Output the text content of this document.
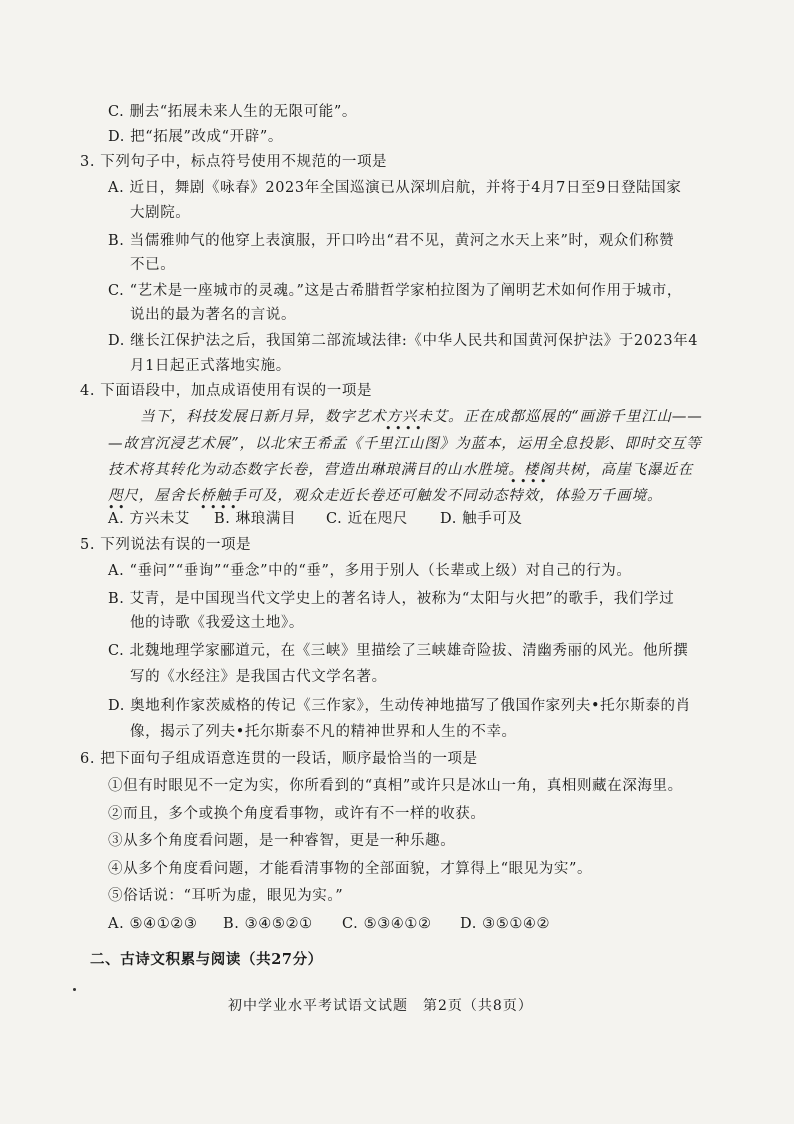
C. 删去“拓展未来人生的无限可能”。
D. 把“拓展”改成“开辟”。
3. 下列句子中，标点符号使用不规范的一项是
A. 近日，舞剧《咏春》2023年全国巡演已从深圳启航，并将于4月7日至9日登陆国家
大剧院。
B. 当儒雅帅气的他穿上表演服，开口吟出“君不见，黄河之水天上来”时，观众们称赞
不已。
C. “艺术是一座城市的灵魂。”这是古希腊哲学家柏拉图为了阐明艺术如何作用于城市，
说出的最为著名的言说。
D. 继长江保护法之后，我国第二部流域法律:《中华人民共和国黄河保护法》于2023年4
月1日起正式落地实施。
4. 下面语段中，加点成语使用有误的一项是
当下，科技发展日新月异，数字艺术方兴未艾。正在成都巡展的“画游千里江山——
—故宫沉浸艺术展”，以北宋王希孟《千里江山图》为蓝本，运用全息投影、即时交互等
技术将其转化为动态数字长卷，营造出琳琅满目的山水胜境。楼阁共树，高崖飞瀑近在
咫尺，屋舍长桥触手可及，观众走近长卷还可触发不同动态特效，体验万千画境。
• • • •
• • • •
• •	• • • •
A. 方兴未艾 B. 琳琅满目 C. 近在咫尺 D. 触手可及
5. 下列说法有误的一项是
A. “垂问”“垂询”“垂念”中的“垂”，多用于别人（长辈或上级）对自己的行为。
B. 艾青，是中国现当代文学史上的著名诗人，被称为“太阳与火把”的歌手，我们学过
他的诗歌《我爱这土地》。
C. 北魏地理学家郦道元，在《三峡》里描绘了三峡雄奇险拔、清幽秀丽的风光。他所撰
写的《水经注》是我国古代文学名著。
D. 奥地利作家茨威格的传记《三作家》，生动传神地描写了俄国作家列夫•托尔斯泰的肖
像，揭示了列夫•托尔斯泰不凡的精神世界和人生的不幸。
6. 把下面句子组成语意连贯的一段话，顺序最恰当的一项是
①但有时眼见不一定为实，你所看到的“真相”或许只是冰山一角，真相则藏在深海里。
②而且，多个或换个角度看事物，或许有不一样的收获。
③从多个角度看问题，是一种睿智，更是一种乐趣。
④从多个角度看问题，才能看清事物的全部面貌，才算得上“眼见为实”。
⑤俗话说：“耳听为虚，眼见为实。”
A. ⑤④①②③ B. ③④⑤②① C. ⑤③④①② D. ③⑤①④②
二、古诗文积累与阅读（共27分）
初中学业水平考试语文试题　第2页（共8页）
